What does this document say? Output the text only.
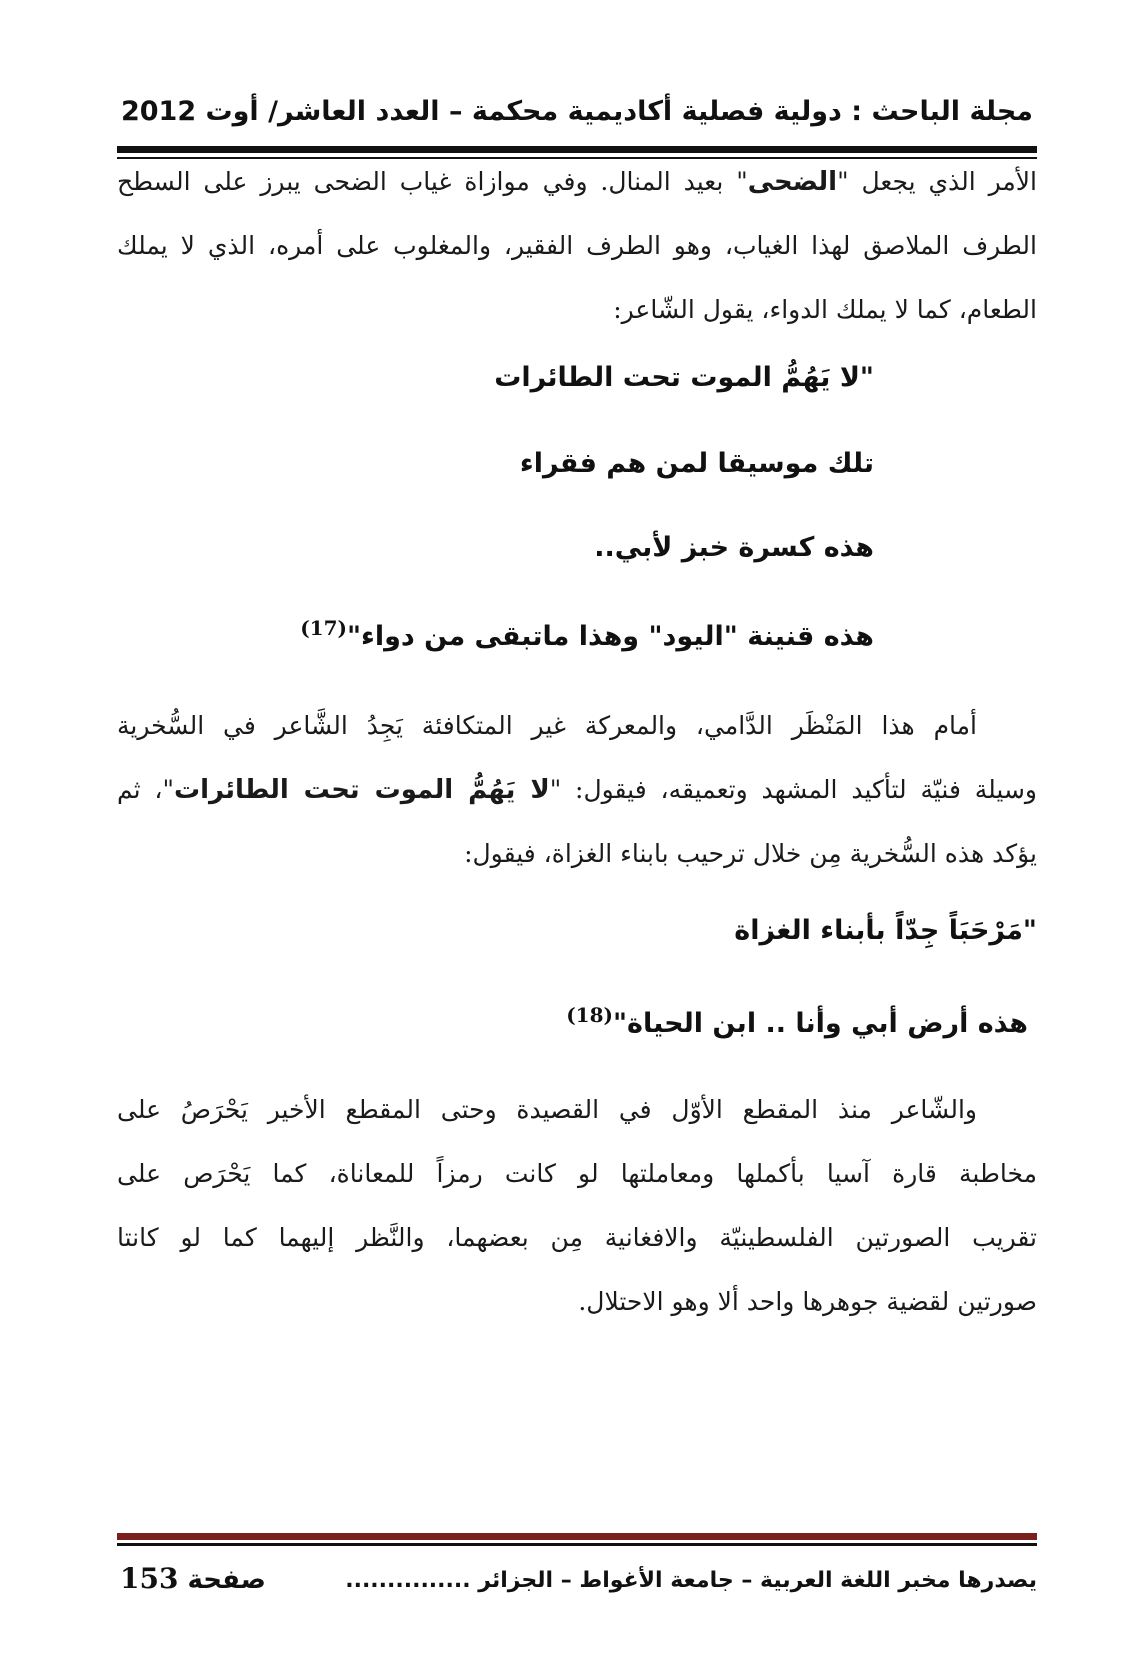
مجلة الباحث : دولية فصلية أكاديمية محكمة – العدد العاشر/ أوت 2012
الأمر الذي يجعل "الضحى" بعيد المنال. وفي موازاة غياب الضحى يبرز على السطح
الطرف الملاصق لهذا الغياب، وهو الطرف الفقير، والمغلوب على أمره، الذي لا يملك
الطعام، كما لا يملك الدواء، يقول الشّاعر:
"لا يَهُمُّ الموت تحت الطائرات
تلك موسيقا لمن هم فقراء
هذه كسرة خبز لأبي..
هذه قنينة "اليود" وهذا ماتبقى من دواء"$^{(17)}$
أمام هذا المَنْظَر الدَّامي، والمعركة غير المتكافئة يَجِدُ الشَّاعر في السُّخرية
وسيلة فنيّة لتأكيد المشهد وتعميقه، فيقول: "لا يَهُمُّ الموت تحت الطائرات"، ثم
يؤكد هذه السُّخرية مِن خلال ترحيب بابناء الغزاة، فيقول:
"مَرْحَبَاً جِدّاً بأبناء الغزاة
هذه أرض أبي وأنا .. ابن الحياة"$^{(18)}$
والشّاعر منذ المقطع الأوّل في القصيدة وحتى المقطع الأخير يَحْرَصُ على
مخاطبة قارة آسيا بأكملها ومعاملتها لو كانت رمزاً للمعاناة، كما يَحْرَص على
تقريب الصورتين الفلسطينيّة والافغانية مِن بعضهما، والنَّظر إليهما كما لو كانتا
صورتين لقضية جوهرها واحد ألا وهو الاحتلال.
يصدرها مخبر اللغة العربية – جامعة الأغواط – الجزائر ...............
صفحة 153
